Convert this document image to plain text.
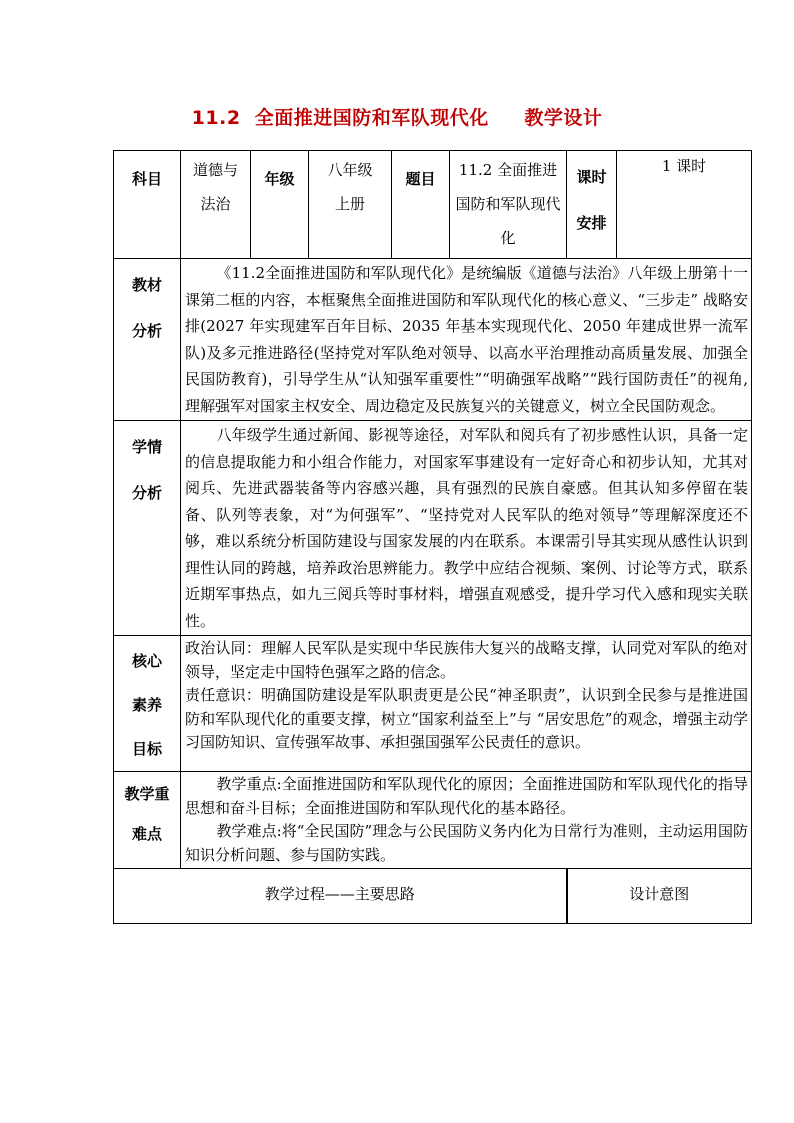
11.2  全面推进国防和军队现代化     教学设计
科目	道德与法治	年级	八年级上册	题目	11.2 全面推进国防和军队现代化	课时安排	1 课时
教材分析	《11.2全面推进国防和军队现代化》是统编版《道德与法治》八年级上册第十一课第二框的内容，本框聚焦全面推进国防和军队现代化的核心意义、“三步走” 战略安排(2027 年实现建军百年目标、2035 年基本实现现代化、2050 年建成世界一流军队)及多元推进路径(坚持党对军队绝对领导、以高水平治理推动高质量发展、加强全民国防教育)，引导学生从“认知强军重要性”“明确强军战略”“践行国防责任”的视角,理解强军对国家主权安全、周边稳定及民族复兴的关键意义，树立全民国防观念。						

学情分析	八年级学生通过新闻、影视等途径，对军队和阅兵有了初步感性认识，具备一定的信息提取能力和小组合作能力，对国家军事建设有一定好奇心和初步认知，尤其对阅兵、先进武器装备等内容感兴趣，具有强烈的民族自豪感。但其认知多停留在装备、队列等表象，对“为何强军”、“坚持党对人民军队的绝对领导”等理解深度还不够，难以系统分析国防建设与国家发展的内在联系。本课需引导其实现从感性认识到理性认同的跨越，培养政治思辨能力。教学中应结合视频、案例、讨论等方式，联系近期军事热点，如九三阅兵等时事材料，增强直观感受，提升学习代入感和现实关联性。						

核心素养目标	政治认同：理解人民军队是实现中华民族伟大复兴的战略支撑，认同党对军队的绝对领导，坚定走中国特色强军之路的信念。

责任意识：明确国防建设是军队职责更是公民“神圣职责”，认识到全民参与是推进国防和军队现代化的重要支撑，树立“国家利益至上”与 “居安思危”的观念，增强主动学习国防知识、宣传强军故事、承担强国强军公民责任的意识。						

教学重难点	教学重点:全面推进国防和军队现代化的原因；全面推进国防和军队现代化的指导思想和奋斗目标；全面推进国防和军队现代化的基本路径。

教学难点:将“全民国防”理念与公民国防义务内化为日常行为准则，主动运用国防知识分析问题、参与国防实践。						

教学过程——主要思路						设计意图	
